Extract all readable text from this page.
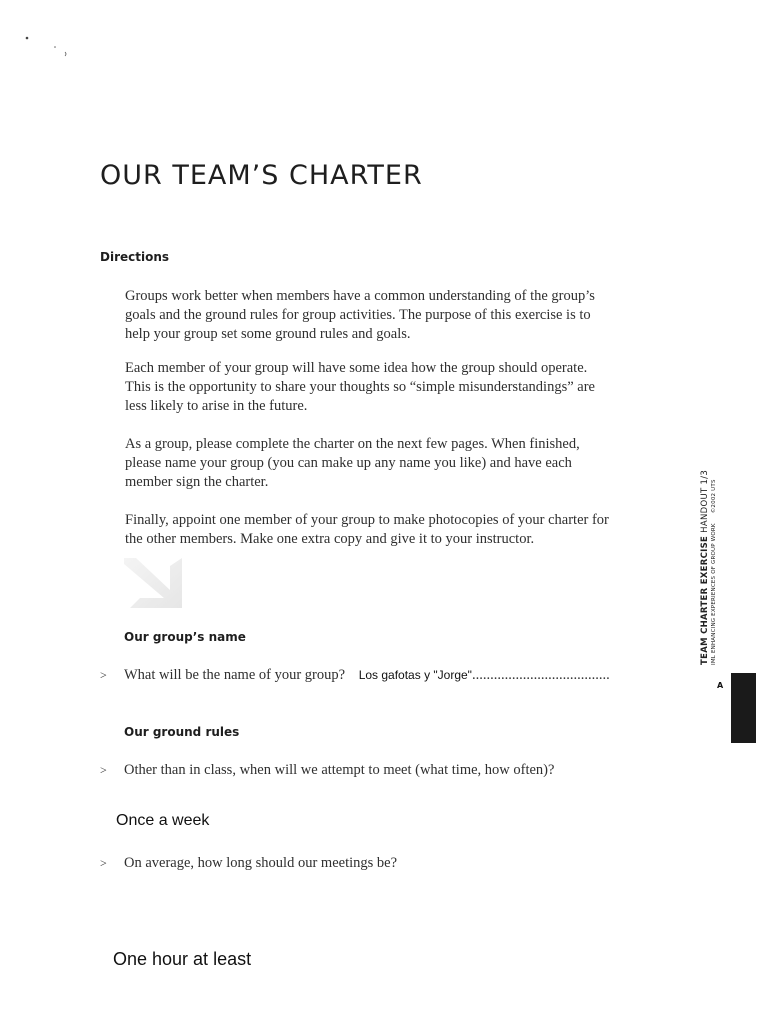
OUR TEAM’S CHARTER
Directions

Groups work better when members have a common understanding of the group’s goals and the ground rules for group activities. The purpose of this exercise is to help your group set some ground rules and goals.

Each member of your group will have some idea how the group should operate. This is the opportunity to share your thoughts so “simple misunderstandings” are less likely to arise in the future.

As a group, please complete the charter on the next few pages. When finished, please name your group (you can make up any name you like) and have each member sign the charter.

Finally, appoint one member of your group to make photocopies of your charter for the other members. Make one extra copy and give it to your instructor.

Our group’s name
> What will be the name of your group? Los gafotas y "Jorge"......................................
Our ground rules
> Other than in class, when will we attempt to meet (what time, how often)?
Once a week
> On average, how long should our meetings be?
One hour at least
TEAM CHARTER EXERCISE HANDOUT 1/3
IML ENHANCING EXPERIENCES OF GROUP WORK©2002 UTS
A
